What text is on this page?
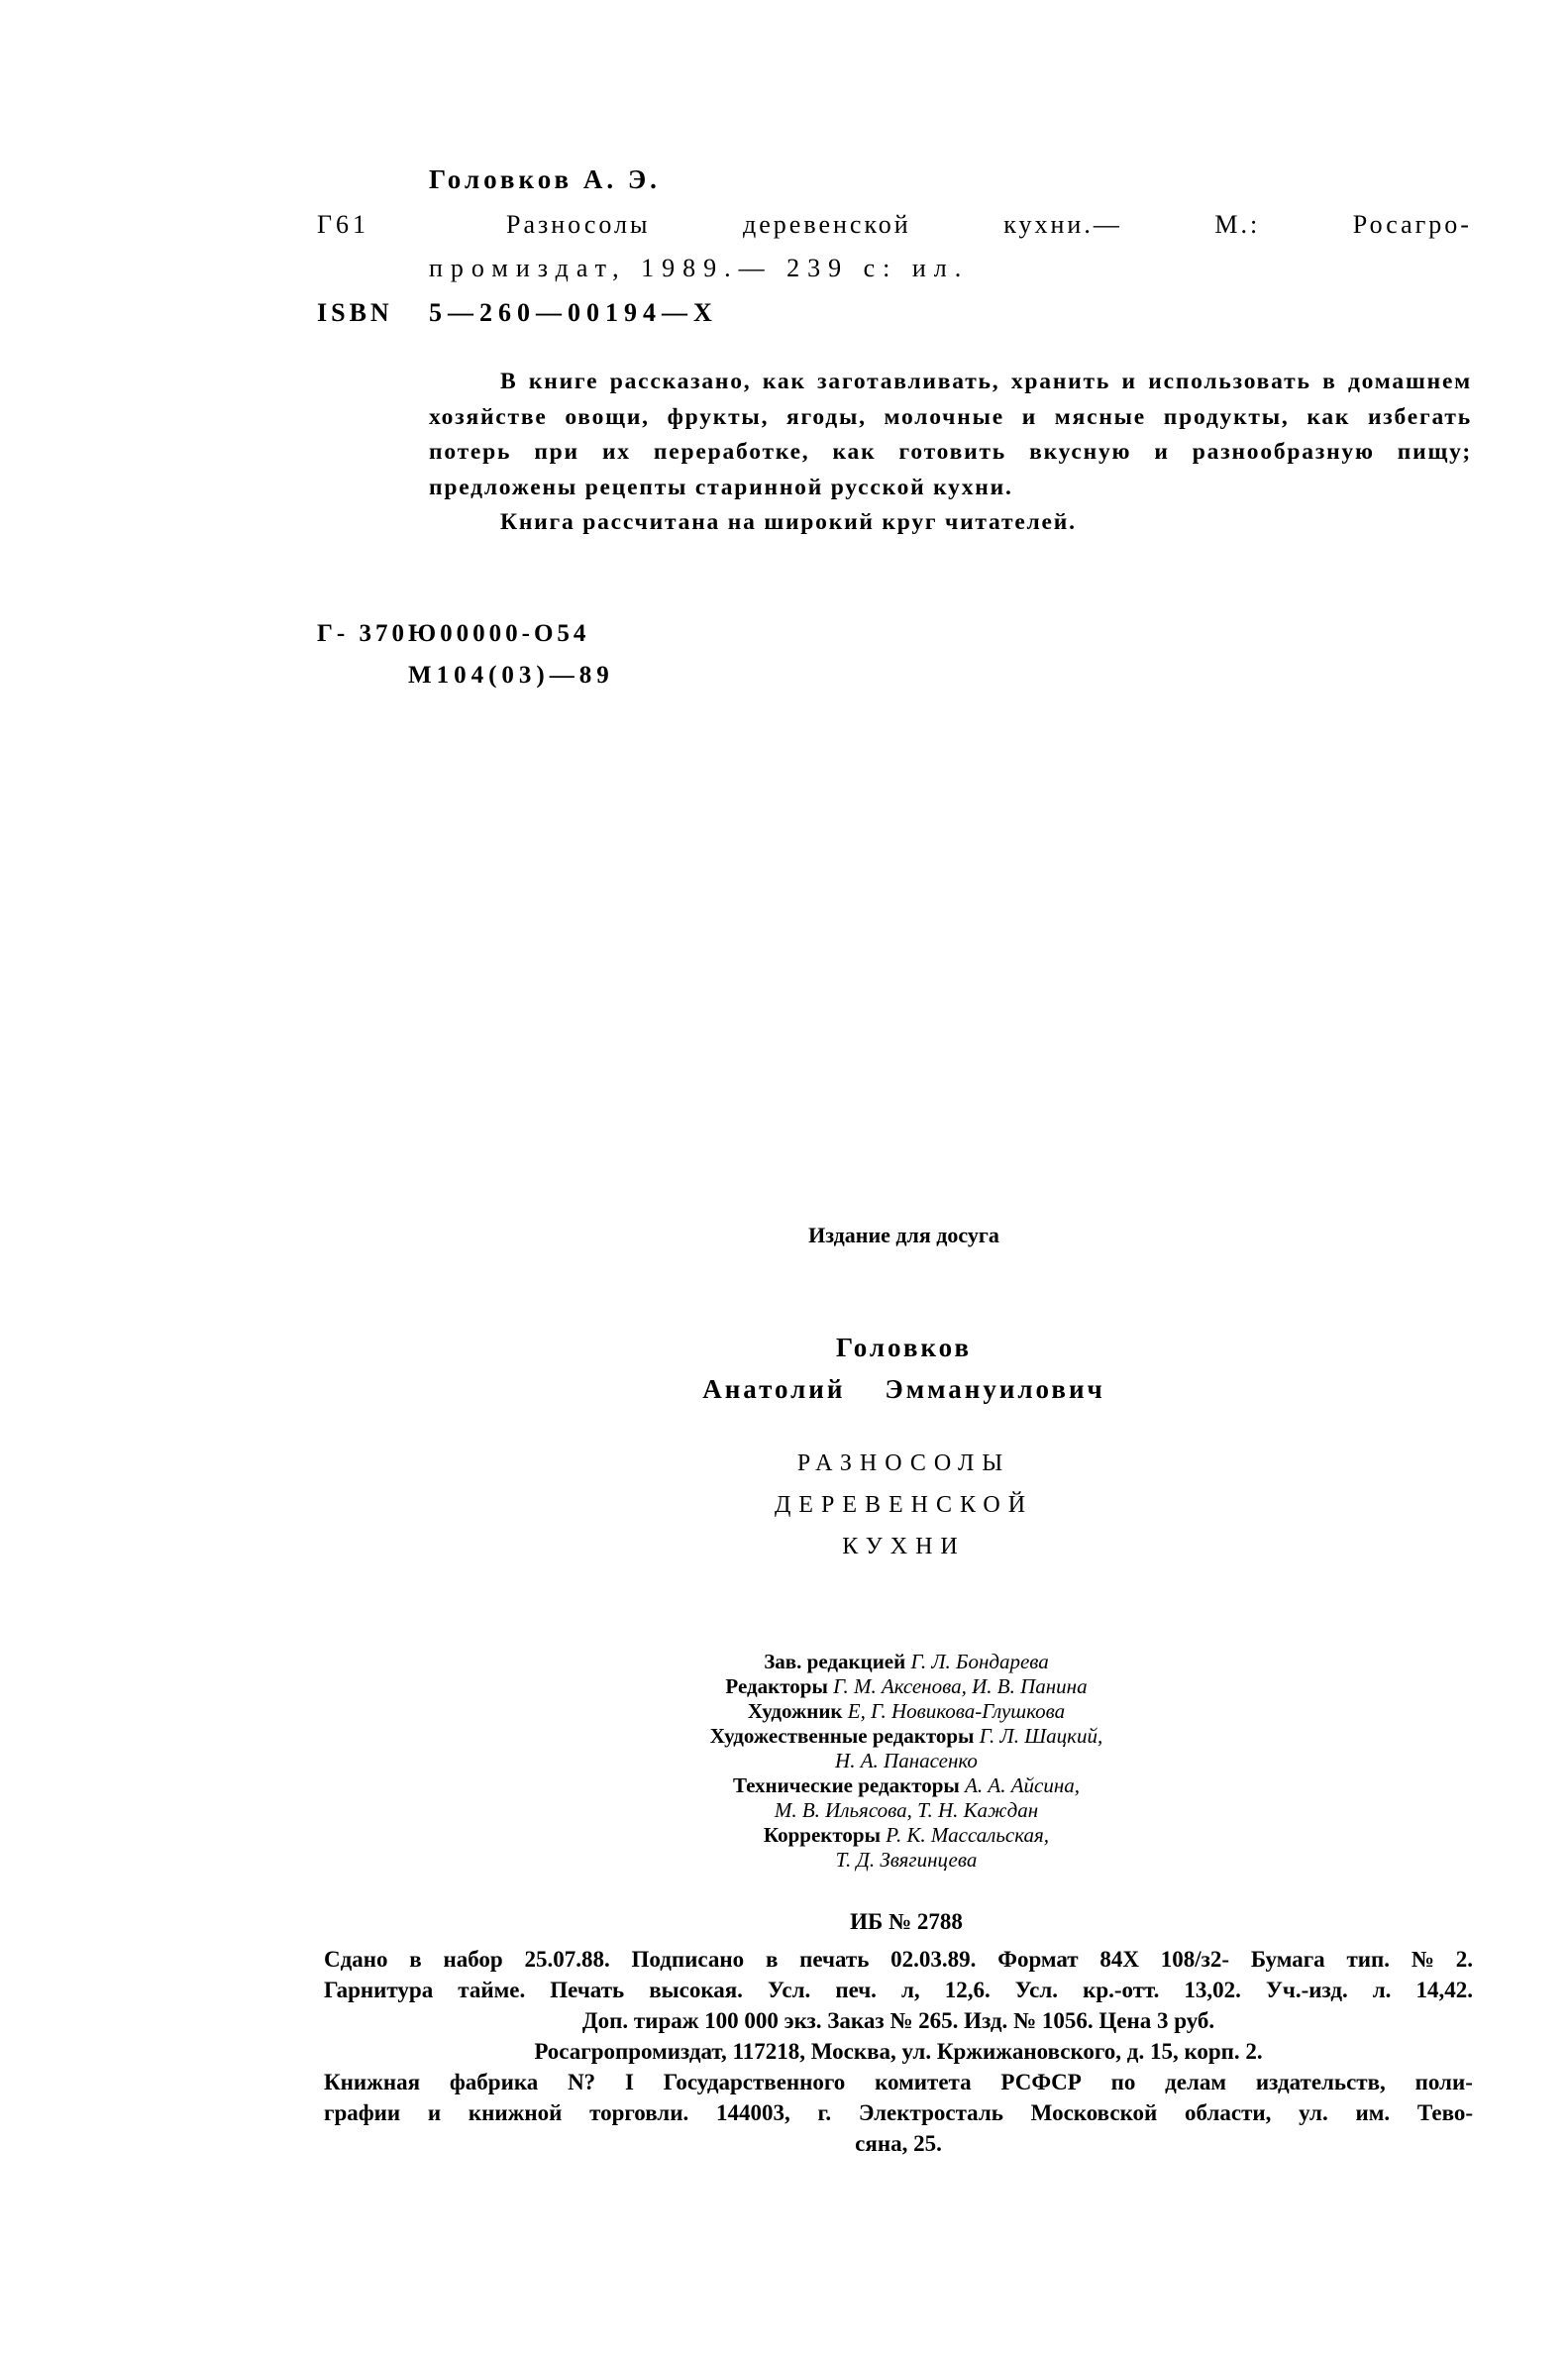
Головков А. Э.
Г61	Разносолы	деревенской	кухни.—	М.:	Росагро-
промиздат, 1989.— 239 с: ил.
ISBN 5—260—00194—X

В книге рассказано, как заготавливать, хранить и использовать в домашнем хозяйстве овощи, фрукты, ягоды, молочные и мясные продукты, как избегать потерь при их переработке, как готовить вкусную и разнообразную пищу; предложены рецепты старинной русской кухни.

Книга рассчитана на широкий круг читателей.

Г- 370Ю00000-О54
М104(03)—89
Издание для досуга
Головков
Анатолий Эммануилович
РАЗНОСОЛЫ
ДЕРЕВЕНСКОЙ
КУХНИ
Зав. редакцией Г. Л. Бондарева
Редакторы Г. М. Аксенова, И. В. Панина
Художник Е, Г. Новикова-Глушкова
Художественные редакторы Г. Л. Шацкий,
Н. А. Панасенко
Технические редакторы А. А. Айсина,
М. В. Ильясова, Т. Н. Каждан
Корректоры Р. К. Массальская,
Т. Д. Звягинцева
ИБ № 2788
Сдано в набор 25.07.88. Подписано в печать 02.03.89. Формат 84Х 108/з2- Бумага тип. № 2.
Гарнитура тайме. Печать высокая. Усл. печ. л, 12,6. Усл. кр.-отт. 13,02. Уч.-изд. л. 14,42.
Доп. тираж 100 000 экз. Заказ № 265. Изд. № 1056. Цена 3 руб.
Росагропромиздат, 117218, Москва, ул. Кржижановского, д. 15, корп. 2.
Книжная фабрика N? I Государственного комитета РСФСР по делам издательств, поли-
графии и книжной торговли. 144003, г. Электросталь Московской области, ул. им. Тево-
сяна, 25.
